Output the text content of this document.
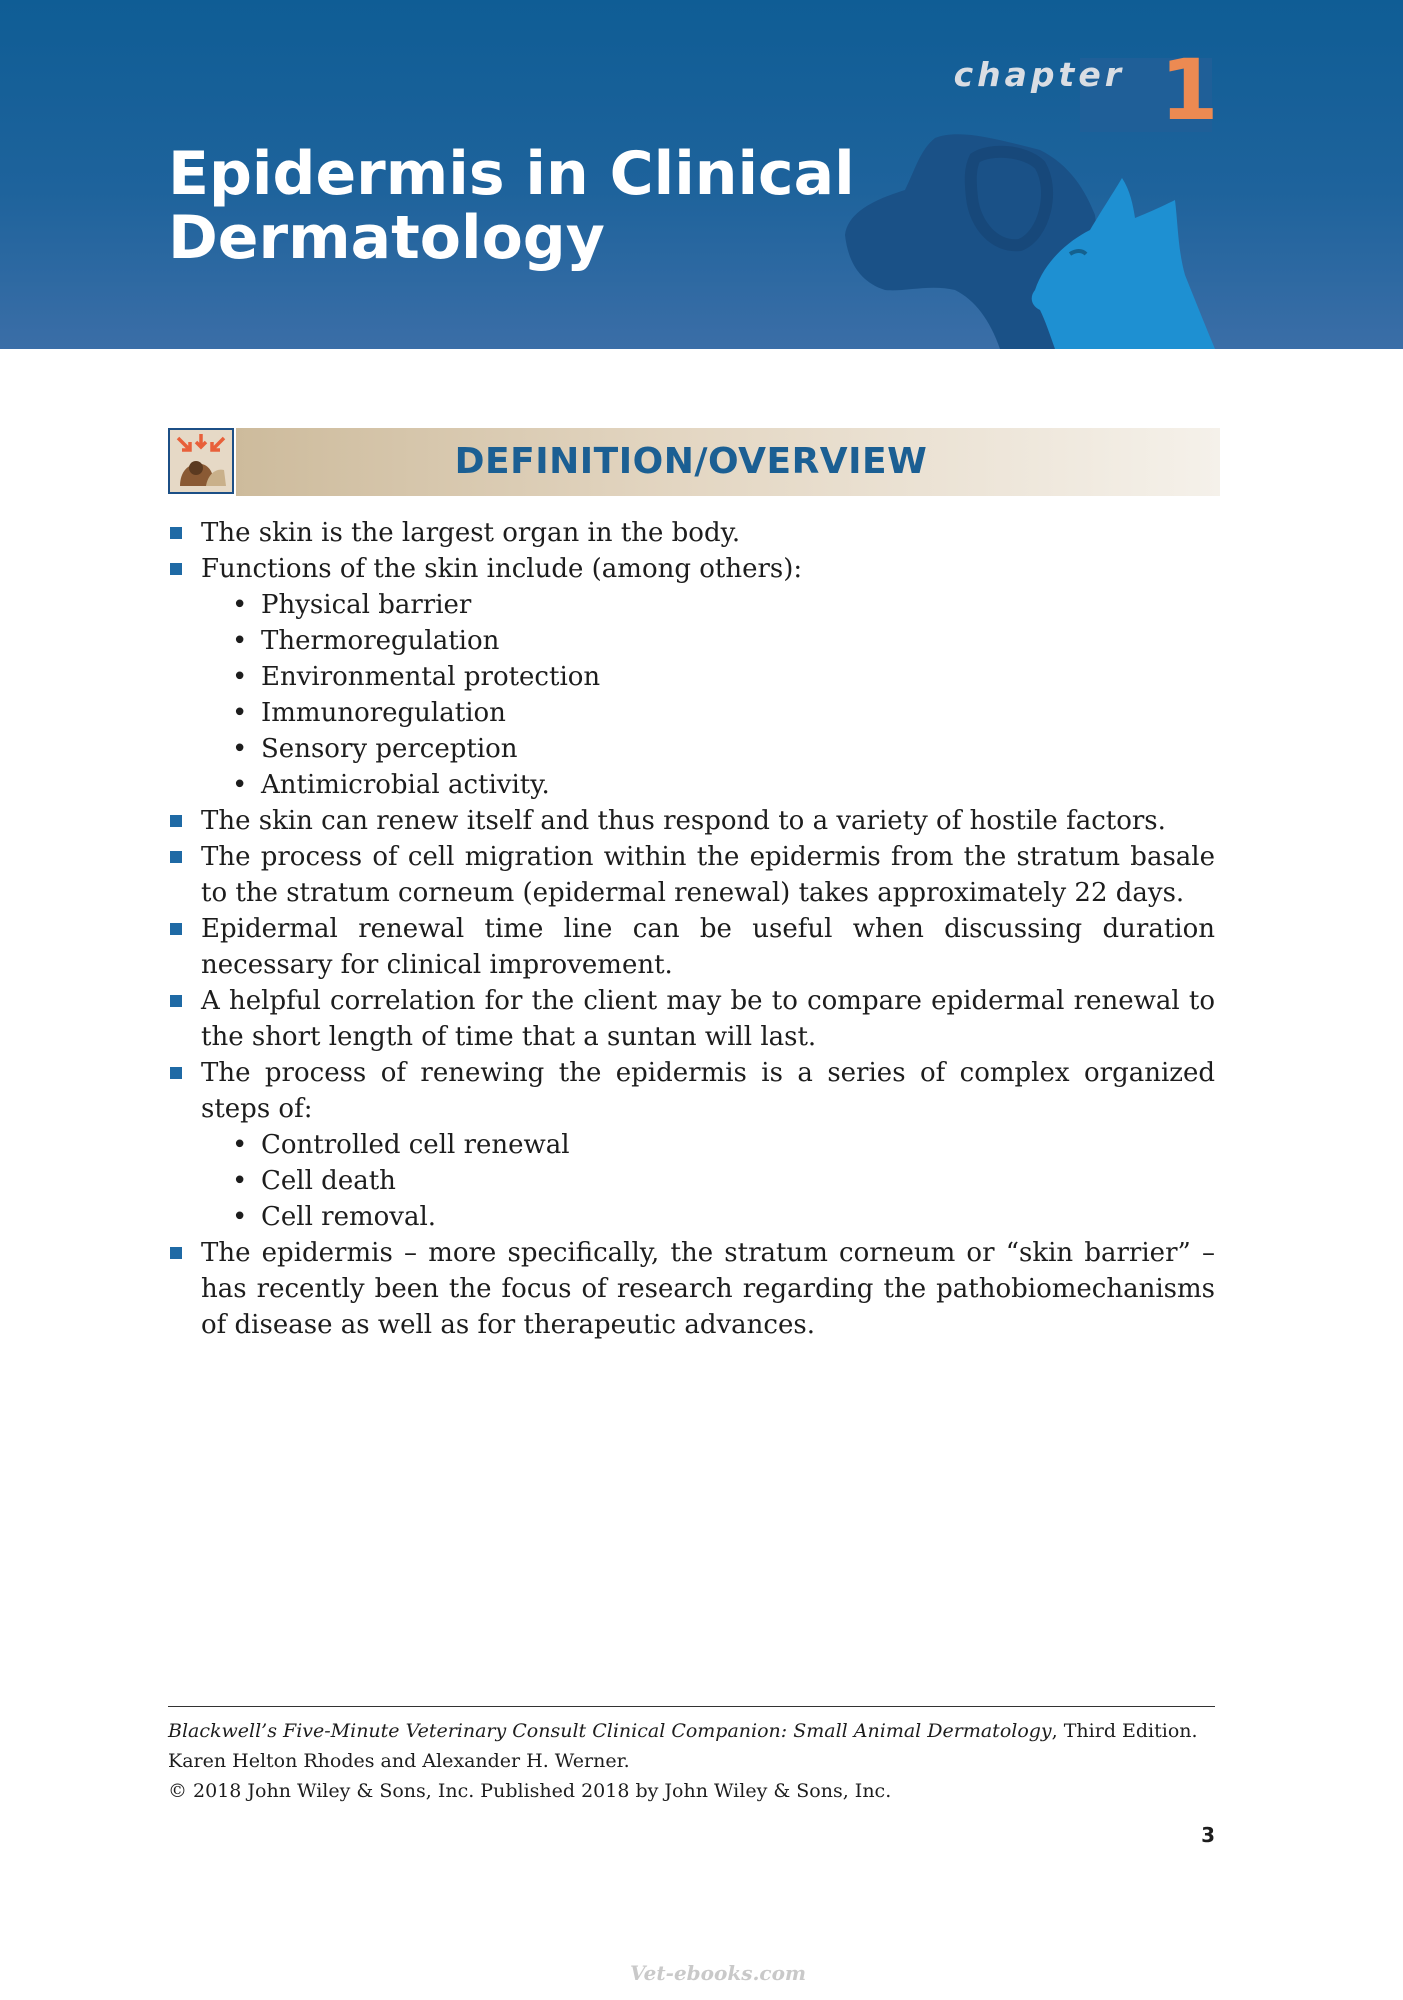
chapter 1
Epidermis in Clinical
Dermatology
DEFINITION/OVERVIEW
The skin is the largest organ in the body.
Functions of the skin include (among others):
• Physical barrier
• Thermoregulation
• Environmental protection
• Immunoregulation
• Sensory perception
• Antimicrobial activity.
The skin can renew itself and thus respond to a variety of hostile factors.
The process of cell migration within the epidermis from the stratum basale to the stratum corneum (epidermal renewal) takes approximately 22 days.
Epidermal renewal time line can be useful when discussing duration necessary for clinical improvement.
A helpful correlation for the client may be to compare epidermal renewal to the short length of time that a suntan will last.
The process of renewing the epidermis is a series of complex organized steps of:
• Controlled cell renewal
• Cell death
• Cell removal.
The epidermis – more specifically, the stratum corneum or “skin barrier” – has recently been the focus of research regarding the pathobiomechanisms of disease as well as for therapeutic advances.
Blackwell’s Five-Minute Veterinary Consult Clinical Companion: Small Animal Dermatology, Third Edition.
Karen Helton Rhodes and Alexander H. Werner.
© 2018 John Wiley & Sons, Inc. Published 2018 by John Wiley & Sons, Inc.
3
Vet-ebooks.com
